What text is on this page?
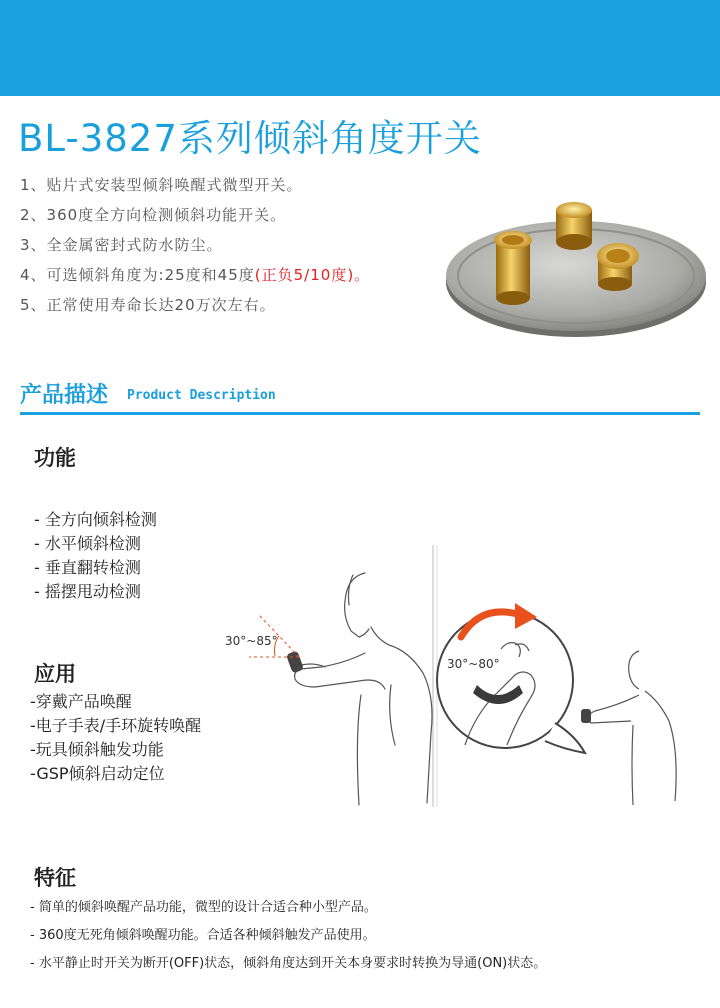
BL-3827系列倾斜角度开关
1、贴片式安装型倾斜唤醒式微型开关。
2、360度全方向检测倾斜功能开关。
3、全金属密封式防水防尘。
4、可选倾斜角度为:25度和45度(正负5/10度)。
5、正常使用寿命长达20万次左右。
产品描述 Product Description
功能
- 全方向倾斜检测
- 水平倾斜检测
- 垂直翻转检测
- 摇摆甩动检测
应用
-穿戴产品唤醒
-电子手表/手环旋转唤醒
-玩具倾斜触发功能
-GSP倾斜启动定位
30°~85°
30°~80°
特征
- 简单的倾斜唤醒产品功能，微型的设计合适合种小型产品。
- 360度无死角倾斜唤醒功能。合适各种倾斜触发产品使用。
- 水平静止时开关为断开(OFF)状态，倾斜角度达到开关本身要求时转换为导通(ON)状态。
